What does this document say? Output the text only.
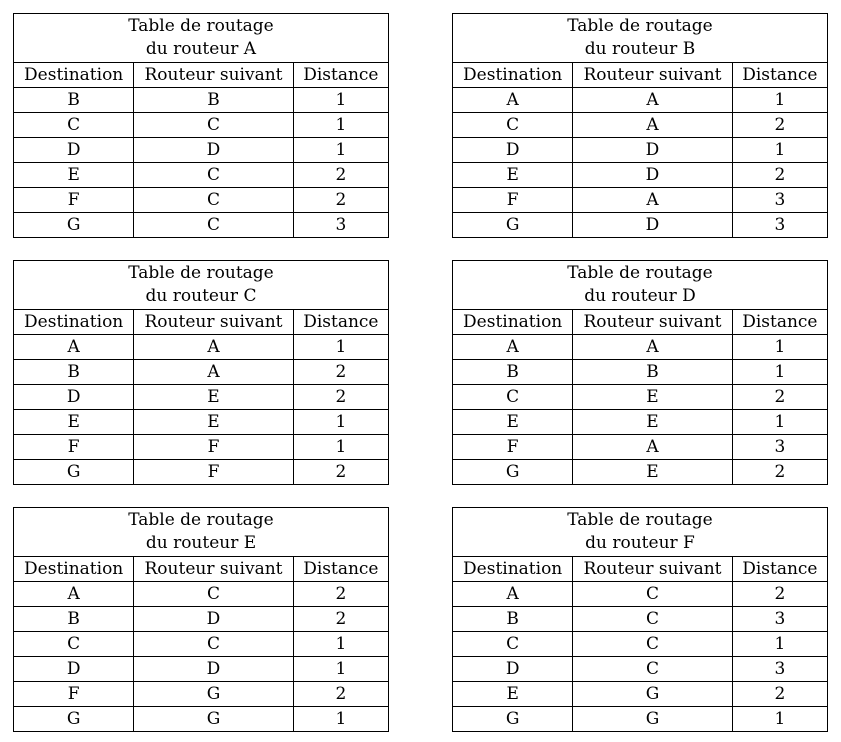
Table de routage
du routeur A		

Destination	Routeur suivant	Distance
B	B	1
C	C	1
D	D	1
E	C	2
F	C	2
G	C	3
Table de routage
du routeur B		

Destination	Routeur suivant	Distance
A	A	1
C	A	2
D	D	1
E	D	2
F	A	3
G	D	3
Table de routage
du routeur C		

Destination	Routeur suivant	Distance
A	A	1
B	A	2
D	E	2
E	E	1
F	F	1
G	F	2
Table de routage
du routeur D		

Destination	Routeur suivant	Distance
A	A	1
B	B	1
C	E	2
E	E	1
F	A	3
G	E	2
Table de routage
du routeur E		

Destination	Routeur suivant	Distance
A	C	2
B	D	2
C	C	1
D	D	1
F	G	2
G	G	1
Table de routage
du routeur F		

Destination	Routeur suivant	Distance
A	C	2
B	C	3
C	C	1
D	C	3
E	G	2
G	G	1
